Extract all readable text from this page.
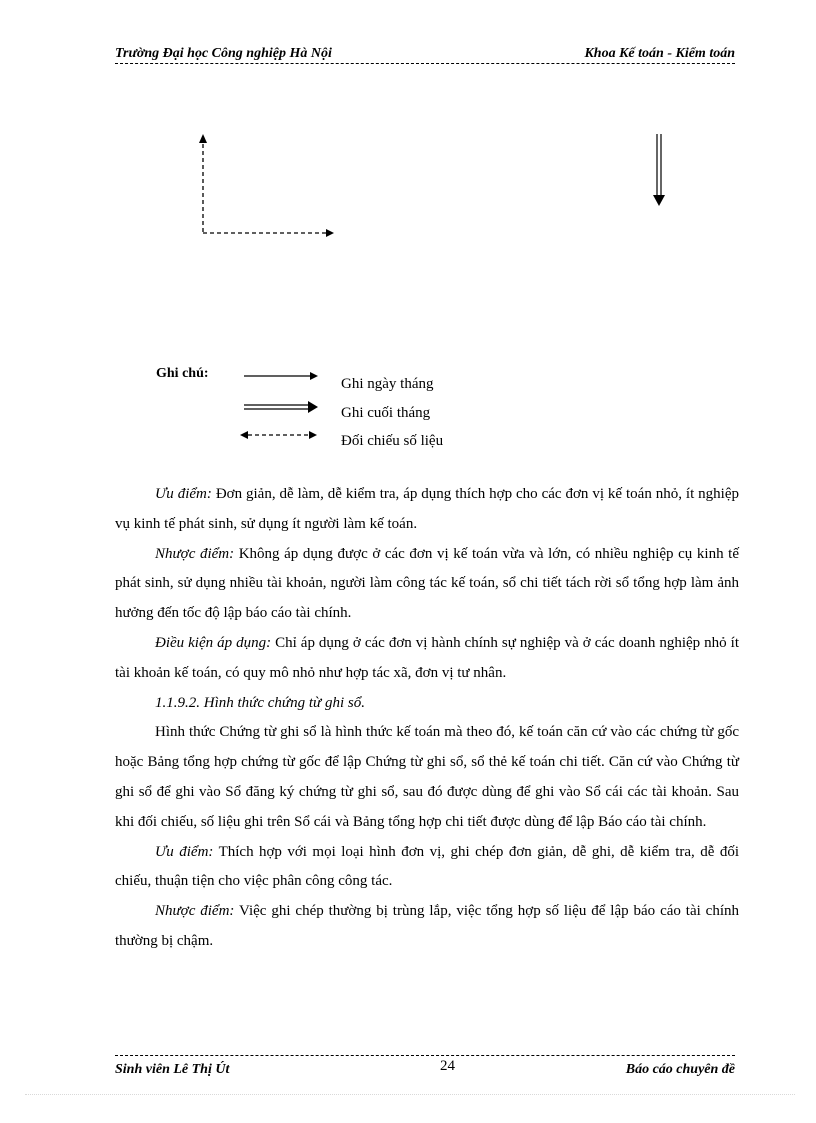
Trường Đại học Công nghiệp Hà Nội	Khoa Kế toán - Kiểm toán
Ghi chú:
Ghi ngày tháng
Ghi cuối tháng
Đối chiếu số liệu

Ưu điểm: Đơn giản, dễ làm, dễ kiểm tra, áp dụng thích hợp cho các đơn vị kế toán nhỏ, ít nghiệp vụ kinh tế phát sinh, sử dụng ít người làm kế toán.

Nhược điểm: Không áp dụng được ở các đơn vị kế toán vừa và lớn, có nhiều nghiệp cụ kinh tế phát sinh, sử dụng nhiều tài khoản, người làm công tác kế toán, sổ chi tiết tách rời sổ tổng hợp làm ảnh hưởng đến tốc độ lập báo cáo tài chính.

Điều kiện áp dụng: Chỉ áp dụng ở các đơn vị hành chính sự nghiệp và ở các doanh nghiệp nhỏ ít tài khoản kế toán, có quy mô nhỏ như hợp tác xã, đơn vị tư nhân.

1.1.9.2. Hình thức chứng từ ghi sổ.

Hình thức Chứng từ ghi sổ là hình thức kế toán mà theo đó, kế toán căn cứ vào các chứng từ gốc hoặc Bảng tổng hợp chứng từ gốc để lập Chứng từ ghi sổ, sổ thẻ kế toán chi tiết. Căn cứ vào Chứng từ ghi sổ để ghi vào Sổ đăng ký chứng từ ghi sổ, sau đó được dùng để ghi vào Sổ cái các tài khoản. Sau khi đối chiếu, số liệu ghi trên Sổ cái và Bảng tổng hợp chi tiết được dùng để lập Báo cáo tài chính.

Ưu điểm: Thích hợp với mọi loại hình đơn vị, ghi chép đơn giản, dễ ghi, dễ kiểm tra, dễ đối chiếu, thuận tiện cho việc phân công công tác.

Nhược điểm: Việc ghi chép thường bị trùng lắp, việc tổng hợp số liệu để lập báo cáo tài chính thường bị chậm.

Sinh viên Lê Thị Út	24	Báo cáo chuyên đề
